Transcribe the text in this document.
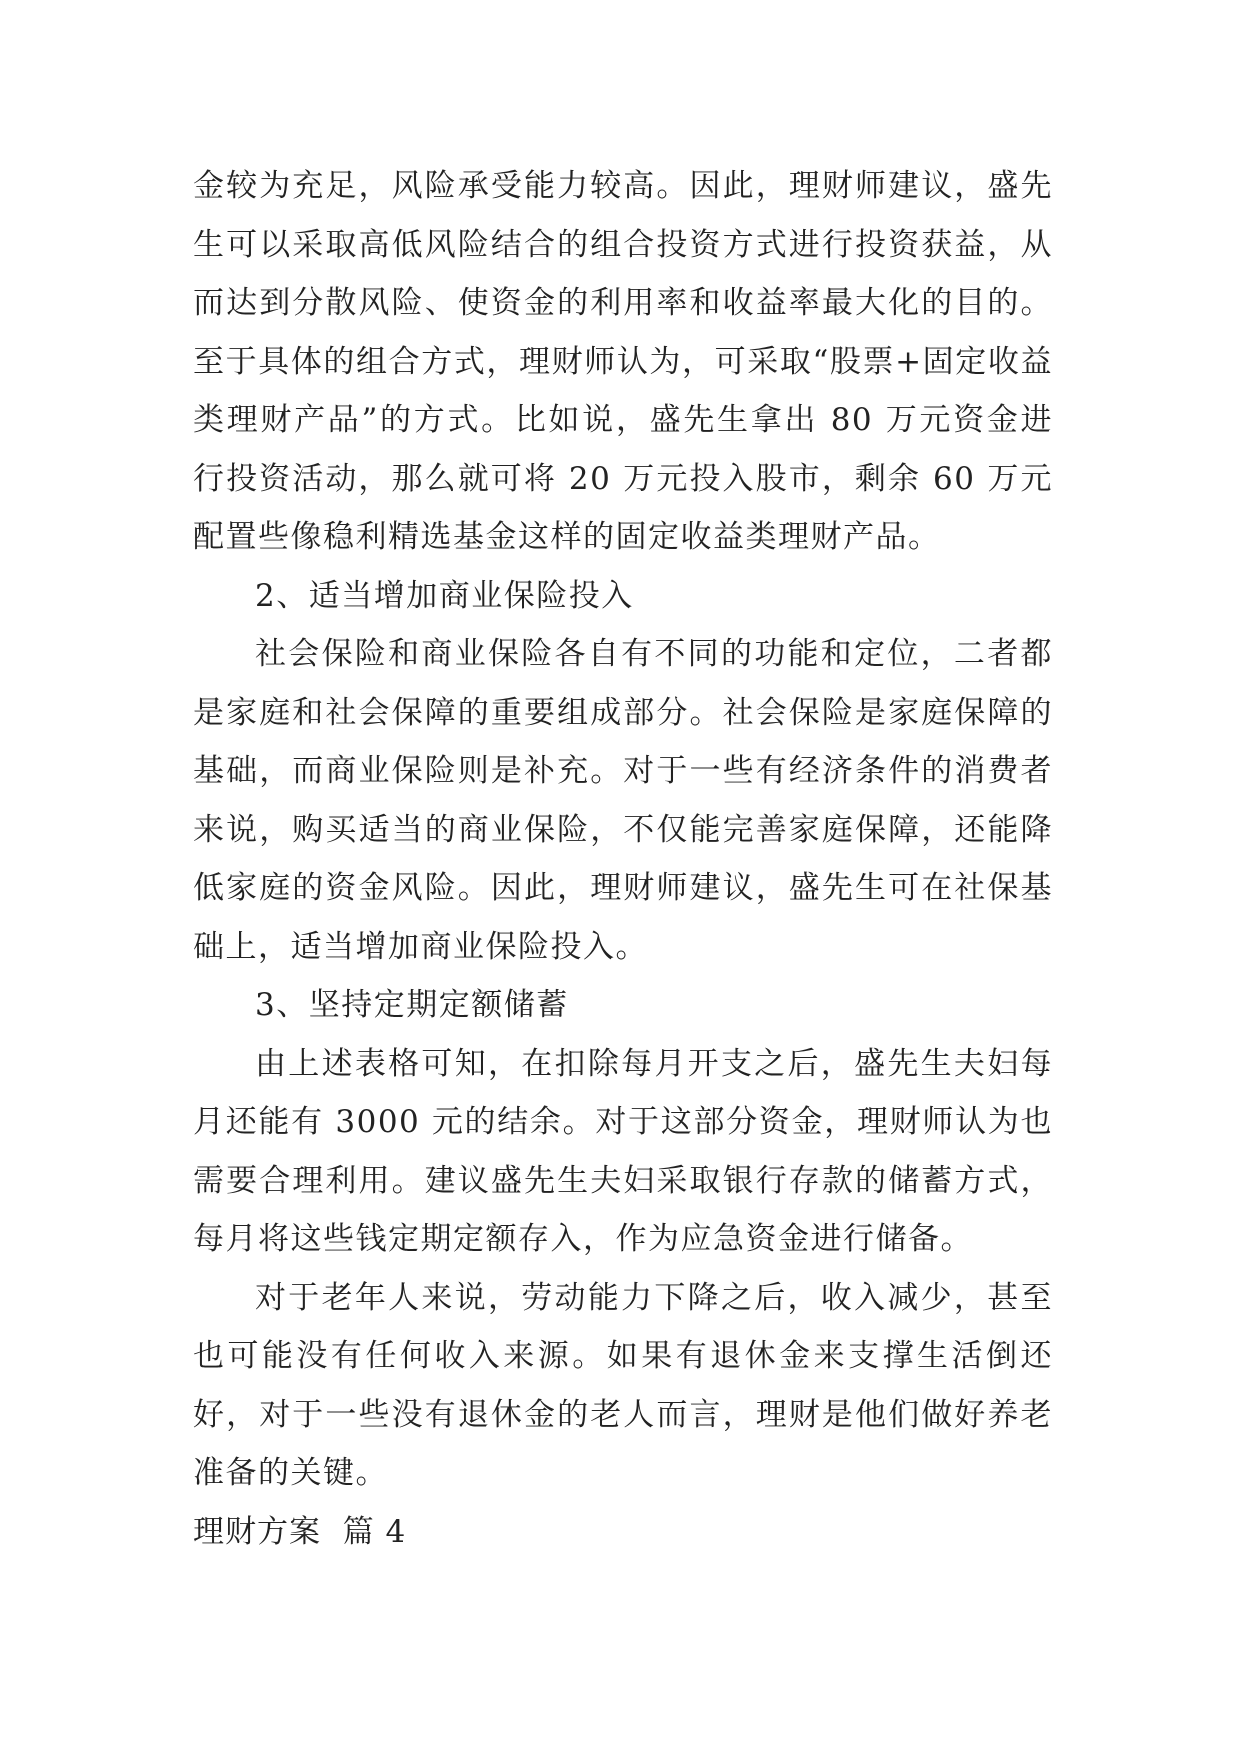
金较为充足，风险承受能力较高。因此，理财师建议，盛先生可以采取高低风险结合的组合投资方式进行投资获益，从而达到分散风险、使资金的利用率和收益率最大化的目的。至于具体的组合方式，理财师认为，可采取“股票+固定收益类理财产品”的方式。比如说，盛先生拿出 80 万元资金进行投资活动，那么就可将 20 万元投入股市，剩余 60 万元配置些像稳利精选基金这样的固定收益类理财产品。

2、适当增加商业保险投入

社会保险和商业保险各自有不同的功能和定位，二者都是家庭和社会保障的重要组成部分。社会保险是家庭保障的基础，而商业保险则是补充。对于一些有经济条件的消费者来说，购买适当的商业保险，不仅能完善家庭保障，还能降低家庭的资金风险。因此，理财师建议，盛先生可在社保基础上，适当增加商业保险投入。

3、坚持定期定额储蓄

由上述表格可知，在扣除每月开支之后，盛先生夫妇每月还能有 3000 元的结余。对于这部分资金，理财师认为也需要合理利用。建议盛先生夫妇采取银行存款的储蓄方式，每月将这些钱定期定额存入，作为应急资金进行储备。

对于老年人来说，劳动能力下降之后，收入减少，甚至也可能没有任何收入来源。如果有退休金来支撑生活倒还好，对于一些没有退休金的老人而言，理财是他们做好养老准备的关键。

理财方案  篇 4
